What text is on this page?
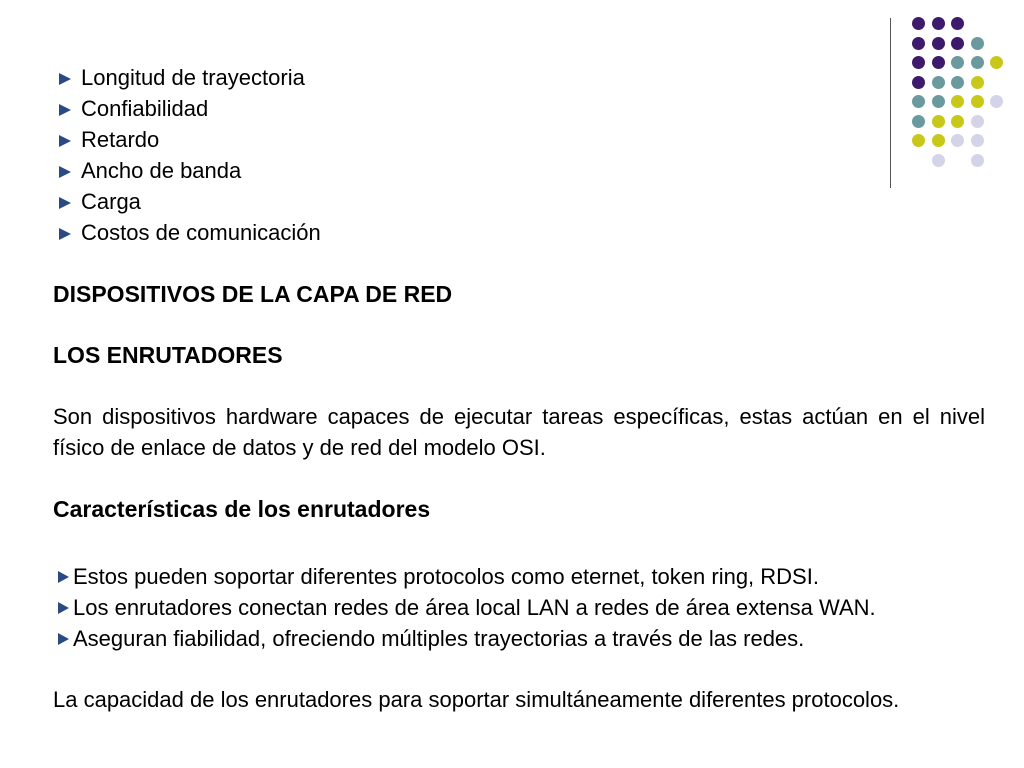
Longitud de trayectoria
Confiabilidad
Retardo
Ancho de banda
Carga
Costos de comunicación

DISPOSITIVOS DE LA CAPA DE RED

LOS ENRUTADORES

Son dispositivos hardware capaces de ejecutar tareas específicas, estas actúan en el nivel físico de enlace de datos y de red del modelo OSI.

Características de los enrutadores

Estos pueden soportar diferentes protocolos como eternet, token ring, RDSI.

Los enrutadores conectan redes de área local LAN a redes de área extensa WAN.

Aseguran fiabilidad, ofreciendo múltiples trayectorias a través de las redes.

La capacidad de los enrutadores para soportar simultáneamente diferentes protocolos.
